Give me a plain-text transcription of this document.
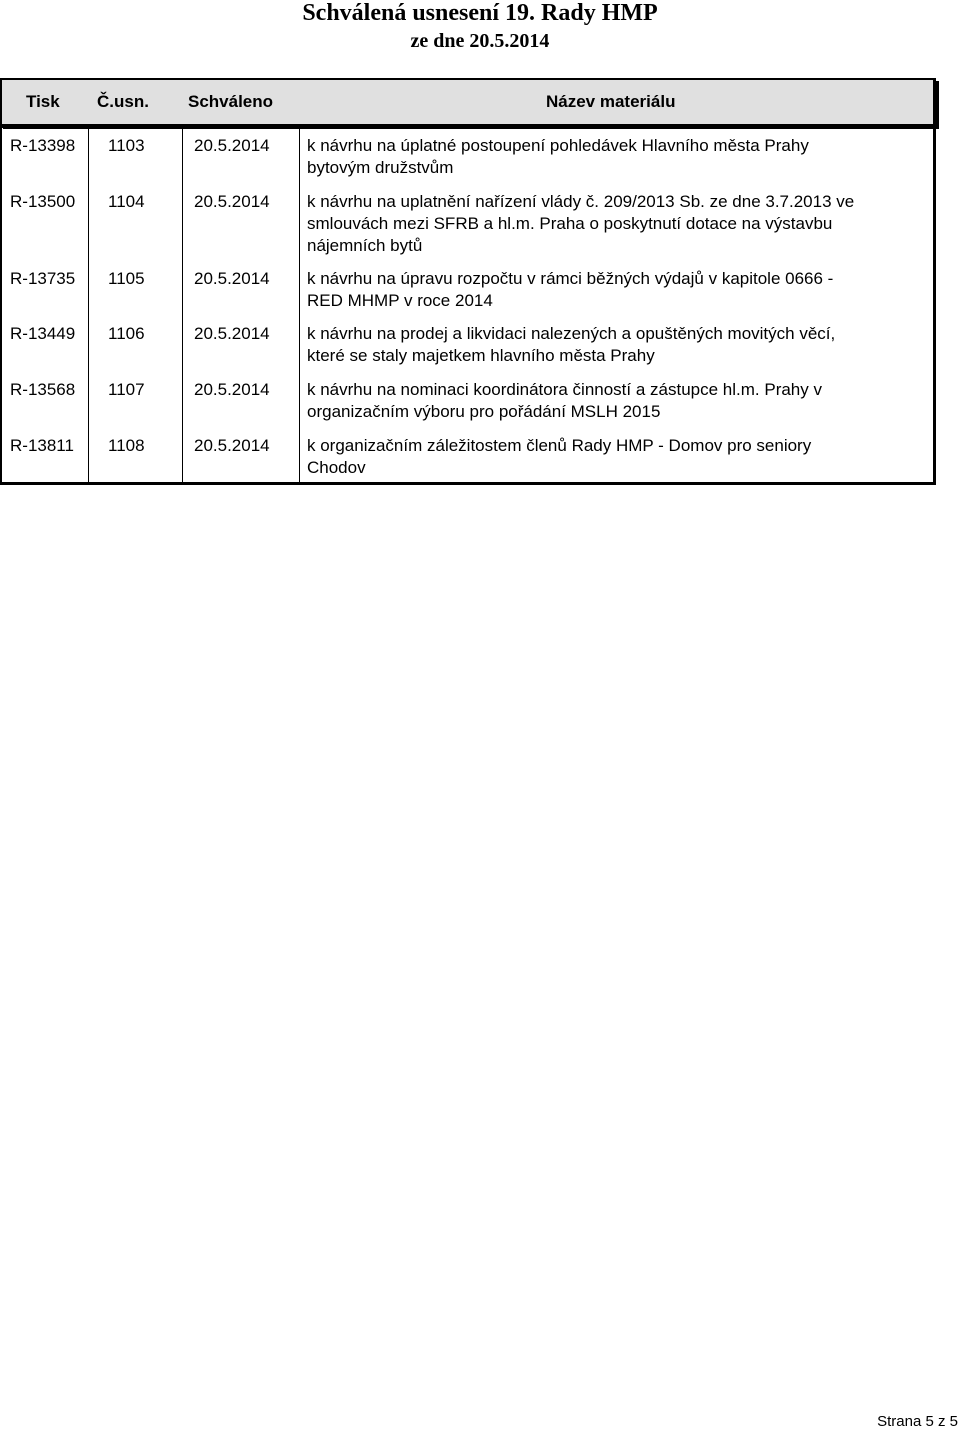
Schválená usnesení 19. Rady HMP
ze dne 20.5.2014
Tisk Č.usn. Schváleno	Název materiálu
R-13398 1103	20.5.2014 k návrhu na úplatné postoupení pohledávek Hlavního města Prahy
bytovým družstvům
R-13500 1104	20.5.2014 k návrhu na uplatnění nařízení vlády č. 209/2013 Sb. ze dne 3.7.2013 ve
smlouvách mezi SFRB a hl.m. Praha o poskytnutí dotace na výstavbu
nájemních bytů
R-13735 1105	20.5.2014 k návrhu na úpravu rozpočtu v rámci běžných výdajů v kapitole 0666 -
RED MHMP v roce 2014
R-13449 1106	20.5.2014 k návrhu na prodej a likvidaci nalezených a opuštěných movitých věcí,
které se staly majetkem hlavního města Prahy
R-13568 1107	20.5.2014 k návrhu na nominaci koordinátora činností a zástupce hl.m. Prahy v
organizačním výboru pro pořádání MSLH 2015
R-13811 1108	20.5.2014 k organizačním záležitostem členů Rady HMP - Domov pro seniory
Chodov
Strana 5 z 5
